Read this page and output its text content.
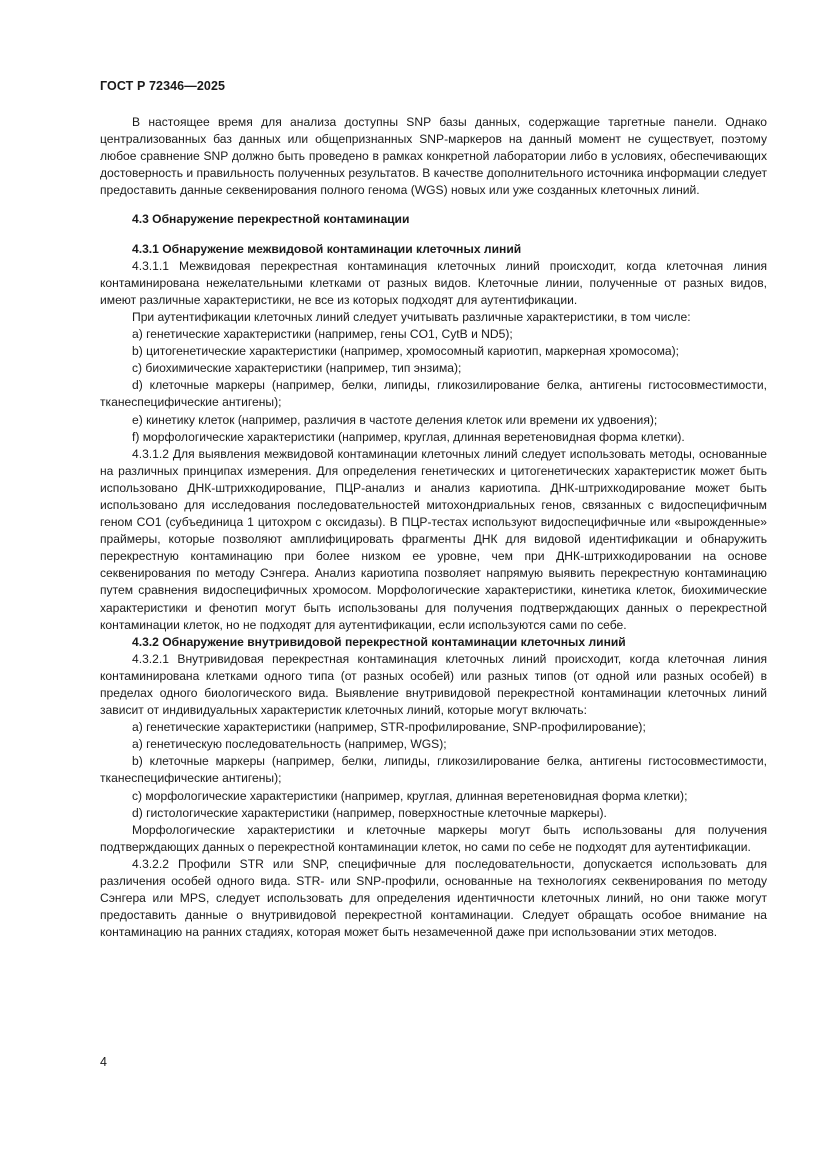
ГОСТ Р 72346—2025

В настоящее время для анализа доступны SNP базы данных, содержащие таргетные панели. Однако централизованных баз данных или общепризнанных SNP-маркеров на данный момент не существует, поэтому любое сравнение SNP должно быть проведено в рамках конкретной лаборатории либо в условиях, обеспечивающих достоверность и правильность полученных результатов. В качестве дополнительного источника информации следует предоставить данные секвенирования полного генома (WGS) новых или уже созданных клеточных линий.

4.3 Обнаружение перекрестной контаминации

4.3.1 Обнаружение межвидовой контаминации клеточных линий

4.3.1.1 Межвидовая перекрестная контаминация клеточных линий происходит, когда клеточная линия контаминирована нежелательными клетками от разных видов. Клеточные линии, полученные от разных видов, имеют различные характеристики, не все из которых подходят для аутентификации.

При аутентификации клеточных линий следует учитывать различные характеристики, в том числе:

a) генетические характеристики (например, гены CO1, CytB и ND5);

b) цитогенетические характеристики (например, хромосомный кариотип, маркерная хромосома);

c) биохимические характеристики (например, тип энзима);

d) клеточные маркеры (например, белки, липиды, гликозилирование белка, антигены гистосовместимости, тканеспецифические антигены);

e) кинетику клеток (например, различия в частоте деления клеток или времени их удвоения);

f) морфологические характеристики (например, круглая, длинная веретеновидная форма клетки).

4.3.1.2 Для выявления межвидовой контаминации клеточных линий следует использовать методы, основанные на различных принципах измерения. Для определения генетических и цитогенетических характеристик может быть использовано ДНК-штрихкодирование, ПЦР-анализ и анализ кариотипа. ДНК-штрихкодирование может быть использовано для исследования последовательностей митохондриальных генов, связанных с видоспецифичным геном CO1 (субъединица 1 цитохром с оксидазы). В ПЦР-тестах используют видоспецифичные или «вырожденные» праймеры, которые позволяют амплифицировать фрагменты ДНК для видовой идентификации и обнаружить перекрестную контаминацию при более низком ее уровне, чем при ДНК-штрихкодировании на основе секвенирования по методу Сэнгера. Анализ кариотипа позволяет напрямую выявить перекрестную контаминацию путем сравнения видоспецифичных хромосом. Морфологические характеристики, кинетика клеток, биохимические характеристики и фенотип могут быть использованы для получения подтверждающих данных о перекрестной контаминации клеток, но не подходят для аутентификации, если используются сами по себе.

4.3.2 Обнаружение внутривидовой перекрестной контаминации клеточных линий

4.3.2.1 Внутривидовая перекрестная контаминация клеточных линий происходит, когда клеточная линия контаминирована клетками одного типа (от разных особей) или разных типов (от одной или разных особей) в пределах одного биологического вида. Выявление внутривидовой перекрестной контаминации клеточных линий зависит от индивидуальных характеристик клеточных линий, которые могут включать:

a) генетические характеристики (например, STR-профилирование, SNP-профилирование);

a) генетическую последовательность (например, WGS);

b) клеточные маркеры (например, белки, липиды, гликозилирование белка, антигены гистосовместимости, тканеспецифические антигены);

c) морфологические характеристики (например, круглая, длинная веретеновидная форма клетки);

d) гистологические характеристики (например, поверхностные клеточные маркеры).

Морфологические характеристики и клеточные маркеры могут быть использованы для получения подтверждающих данных о перекрестной контаминации клеток, но сами по себе не подходят для аутентификации.

4.3.2.2 Профили STR или SNP, специфичные для последовательности, допускается использовать для различения особей одного вида. STR- или SNP-профили, основанные на технологиях секвенирования по методу Сэнгера или MPS, следует использовать для определения идентичности клеточных линий, но они также могут предоставить данные о внутривидовой перекрестной контаминации. Следует обращать особое внимание на контаминацию на ранних стадиях, которая может быть незамеченной даже при использовании этих методов.

4
